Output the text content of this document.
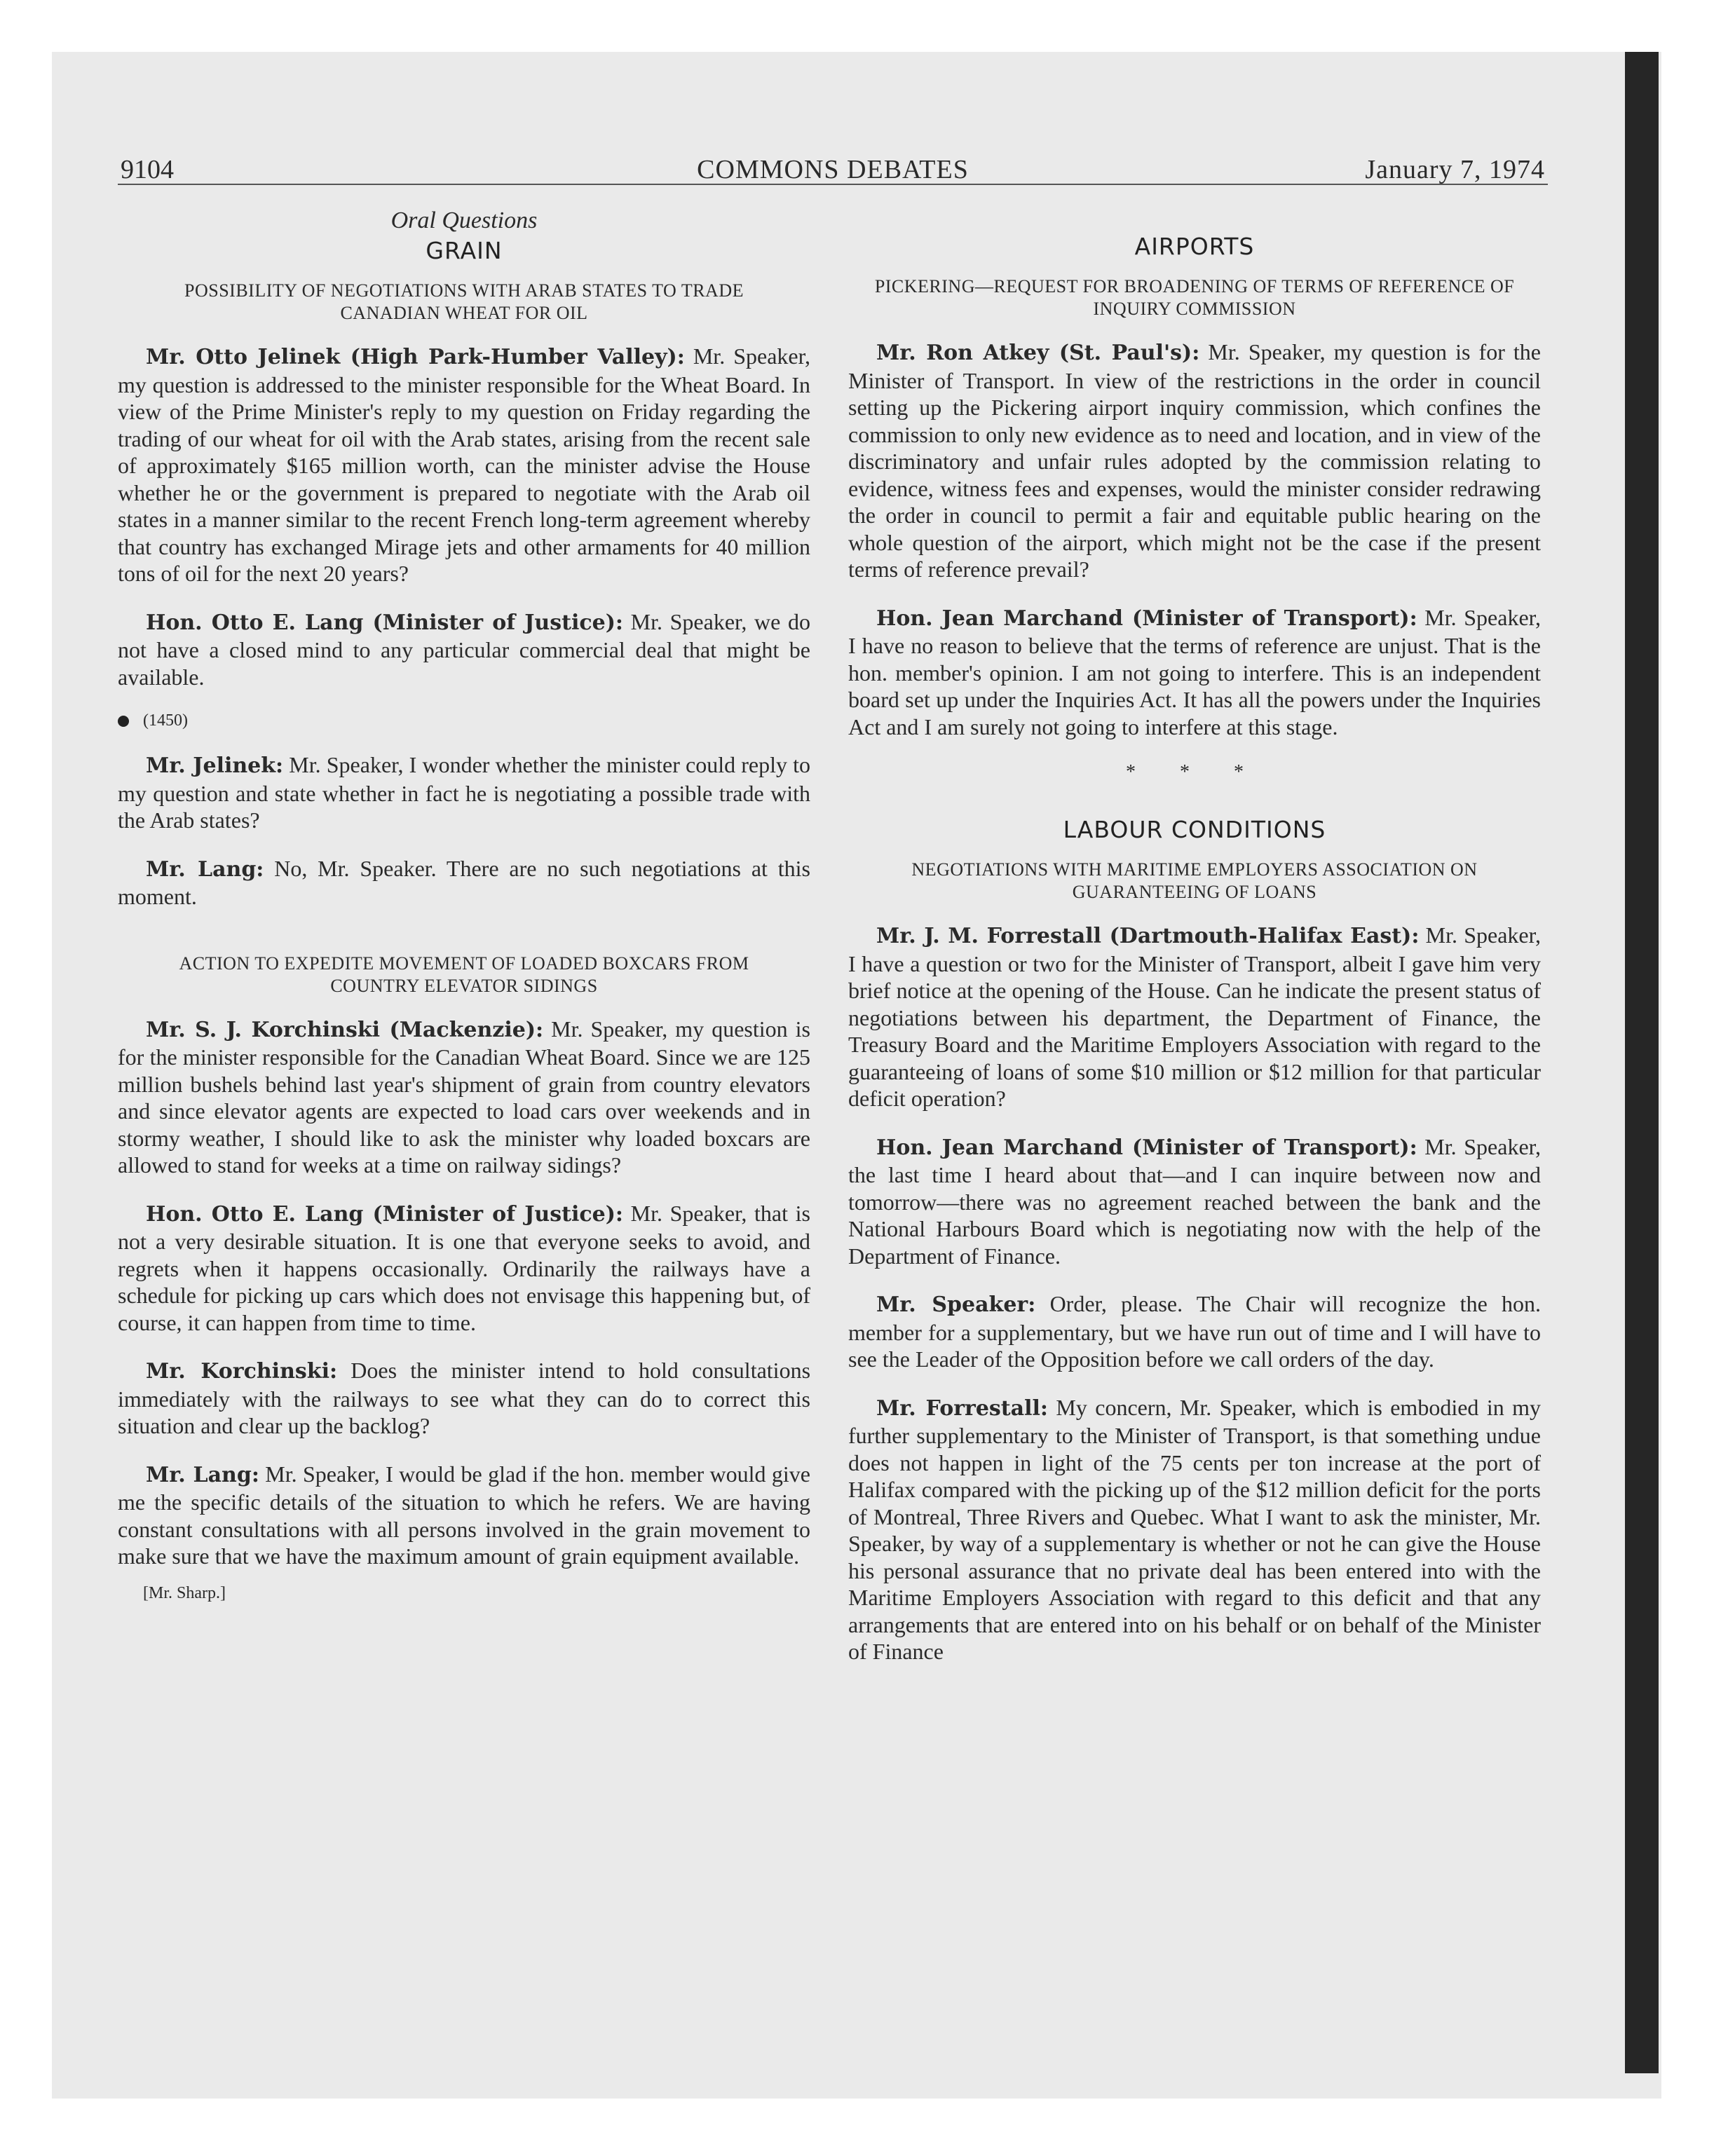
9104	COMMONS DEBATES	January 7, 1974
Oral Questions
GRAIN
POSSIBILITY OF NEGOTIATIONS WITH ARAB STATES TO TRADE CANADIAN WHEAT FOR OIL

Mr. Otto Jelinek (High Park-Humber Valley): Mr. Speaker, my question is addressed to the minister responsible for the Wheat Board. In view of the Prime Minister's reply to my question on Friday regarding the trading of our wheat for oil with the Arab states, arising from the recent sale of approximately $165 million worth, can the minister advise the House whether he or the government is prepared to negotiate with the Arab oil states in a manner similar to the recent French long-term agreement whereby that country has exchanged Mirage jets and other armaments for 40 million tons of oil for the next 20 years?

Hon. Otto E. Lang (Minister of Justice): Mr. Speaker, we do not have a closed mind to any particular commercial deal that might be available.

(1450)

Mr. Jelinek: Mr. Speaker, I wonder whether the minister could reply to my question and state whether in fact he is negotiating a possible trade with the Arab states?

Mr. Lang: No, Mr. Speaker. There are no such negotiations at this moment.

ACTION TO EXPEDITE MOVEMENT OF LOADED BOXCARS FROM COUNTRY ELEVATOR SIDINGS

Mr. S. J. Korchinski (Mackenzie): Mr. Speaker, my question is for the minister responsible for the Canadian Wheat Board. Since we are 125 million bushels behind last year's shipment of grain from country elevators and since elevator agents are expected to load cars over weekends and in stormy weather, I should like to ask the minister why loaded boxcars are allowed to stand for weeks at a time on railway sidings?

Hon. Otto E. Lang (Minister of Justice): Mr. Speaker, that is not a very desirable situation. It is one that everyone seeks to avoid, and regrets when it happens occasionally. Ordinarily the railways have a schedule for picking up cars which does not envisage this happening but, of course, it can happen from time to time.

Mr. Korchinski: Does the minister intend to hold consultations immediately with the railways to see what they can do to correct this situation and clear up the backlog?

Mr. Lang: Mr. Speaker, I would be glad if the hon. member would give me the specific details of the situation to which he refers. We are having constant consultations with all persons involved in the grain movement to make sure that we have the maximum amount of grain equipment available.

[Mr. Sharp.]
AIRPORTS
PICKERING—REQUEST FOR BROADENING OF TERMS OF REFERENCE OF INQUIRY COMMISSION

Mr. Ron Atkey (St. Paul's): Mr. Speaker, my question is for the Minister of Transport. In view of the restrictions in the order in council setting up the Pickering airport inquiry commission, which confines the commission to only new evidence as to need and location, and in view of the discriminatory and unfair rules adopted by the commission relating to evidence, witness fees and expenses, would the minister consider redrawing the order in council to permit a fair and equitable public hearing on the whole question of the airport, which might not be the case if the present terms of reference prevail?

Hon. Jean Marchand (Minister of Transport): Mr. Speaker, I have no reason to believe that the terms of reference are unjust. That is the hon. member's opinion. I am not going to interfere. This is an independent board set up under the Inquiries Act. It has all the powers under the Inquiries Act and I am surely not going to interfere at this stage.

* * *
LABOUR CONDITIONS
NEGOTIATIONS WITH MARITIME EMPLOYERS ASSOCIATION ON GUARANTEEING OF LOANS

Mr. J. M. Forrestall (Dartmouth-Halifax East): Mr. Speaker, I have a question or two for the Minister of Transport, albeit I gave him very brief notice at the opening of the House. Can he indicate the present status of negotiations between his department, the Department of Finance, the Treasury Board and the Maritime Employers Association with regard to the guaranteeing of loans of some $10 million or $12 million for that particular deficit operation?

Hon. Jean Marchand (Minister of Transport): Mr. Speaker, the last time I heard about that—and I can inquire between now and tomorrow—there was no agreement reached between the bank and the National Harbours Board which is negotiating now with the help of the Department of Finance.

Mr. Speaker: Order, please. The Chair will recognize the hon. member for a supplementary, but we have run out of time and I will have to see the Leader of the Opposition before we call orders of the day.

Mr. Forrestall: My concern, Mr. Speaker, which is embodied in my further supplementary to the Minister of Transport, is that something undue does not happen in light of the 75 cents per ton increase at the port of Halifax compared with the picking up of the $12 million deficit for the ports of Montreal, Three Rivers and Quebec. What I want to ask the minister, Mr. Speaker, by way of a supplementary is whether or not he can give the House his personal assurance that no private deal has been entered into with the Maritime Employers Association with regard to this deficit and that any arrangements that are entered into on his behalf or on behalf of the Minister of Finance
